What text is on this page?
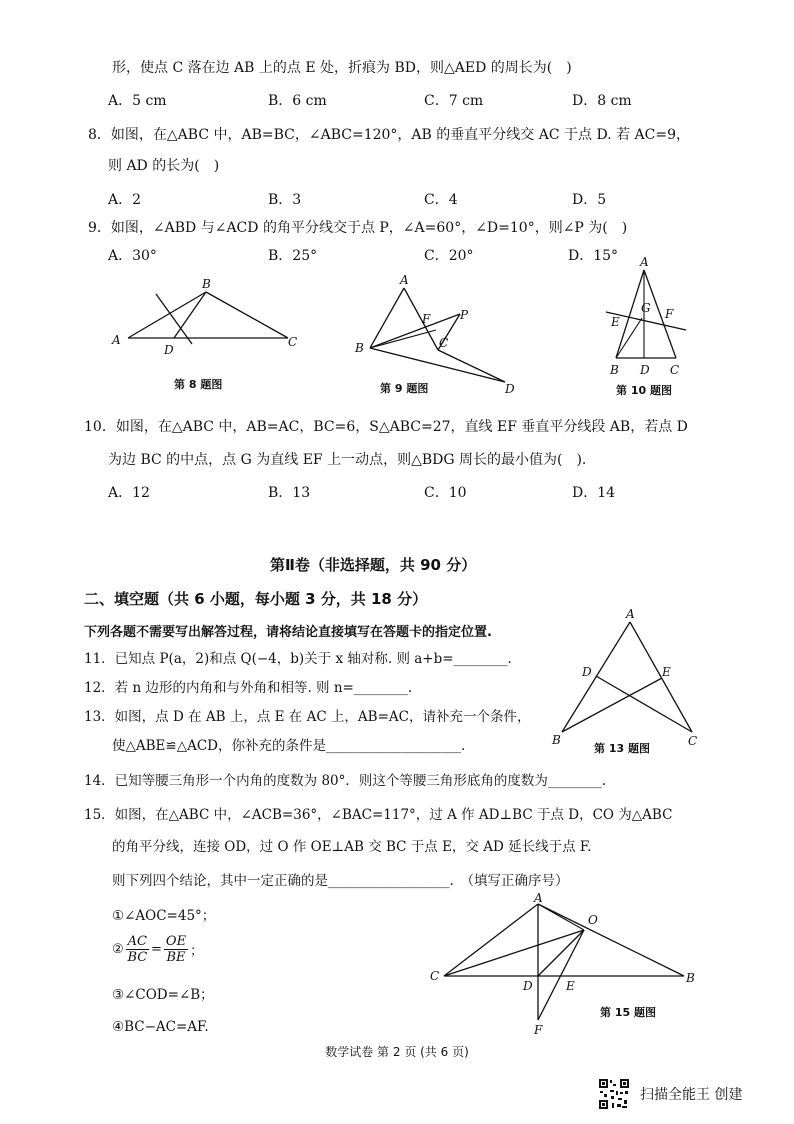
形，使点 C 落在边 AB 上的点 E 处，折痕为 BD，则△AED 的周长为(　)
A．5 cm	B．6 cm	C．7 cm	D．8 cm
8．如图，在△ABC 中，AB=BC，∠ABC=120°，AB 的垂直平分线交 AC 于点 D. 若 AC=9，
则 AD 的长为(　)
A．2	B．3	C．4	D．5
9．如图，∠ABD 与∠ACD 的角平分线交于点 P，∠A=60°，∠D=10°，则∠P 为(　)
A．30°	B．25°	C．20°	D．15°
A
B
C
D
第 8 题图
A
B	C
D
F P
第 9 题图
A
B	C
D
E
F
G
第 10 题图
10．如图，在△ABC 中，AB=AC，BC=6，S△ABC=27，直线 EF 垂直平分线段 AB，若点 D
为边 BC 的中点，点 G 为直线 EF 上一动点，则△BDG 周长的最小值为(　).
A．12	B．13	C．10	D．14
第Ⅱ卷（非选择题，共 90 分）
二、填空题（共 6 小题，每小题 3 分，共 18 分）
下列各题不需要写出解答过程，请将结论直接填写在答题卡的指定位置.
11．已知点 P(a，2)和点 Q(−4，b)关于 x 轴对称. 则 a+b=________.
12．若 n 边形的内角和与外角和相等. 则 n=________.
13．如图，点 D 在 AB 上，点 E 在 AC 上，AB=AC，请补充一个条件，
使△ABE≌△ACD，你补充的条件是____________________.
A
B	C
D	E
第 13 题图
14．已知等腰三角形一个内角的度数为 80°．则这个等腰三角形底角的度数为________.
15．如图，在△ABC 中，∠ACB=36°，∠BAC=117°，过 A 作 AD⊥BC 于点 D，CO 为△ABC
的角平分线，连接 OD，过 O 作 OE⊥AB 交 BC 于点 E，交 AD 延长线于点 F.
则下列四个结论，其中一定正确的是__________________.　（填写正确序号）
①∠AOC=45°；
② $\frac{AC}{BC} = \frac{OE}{BE}$ ；
③∠COD=∠B；
④BC−AC=AF.
A
B
C
D	E
F
O
第 15 题图
数学试卷 第 2 页 (共 6 页)
扫描全能王 创建
